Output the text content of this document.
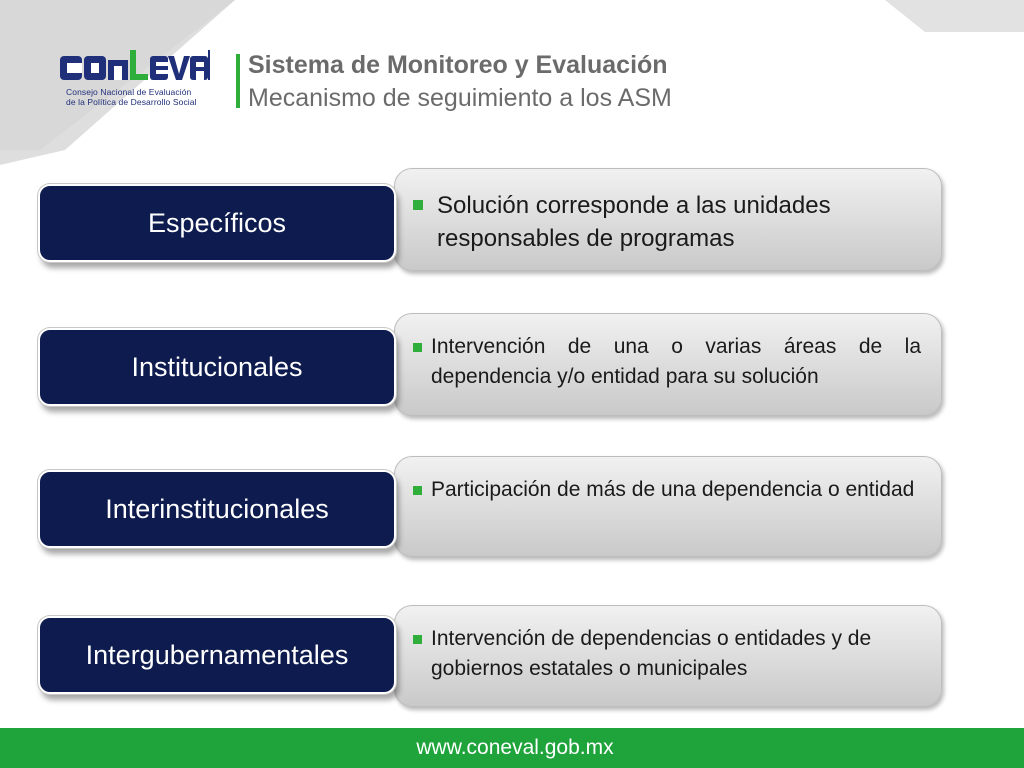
Consejo Nacional de Evaluación
de la Política de Desarrollo Social
Sistema de Monitoreo y Evaluación
Mecanismo de seguimiento a los ASM
Solución corresponde a las unidades responsables de programas
Específicos
Intervención de una o varias áreas de la dependencia y/o entidad para su solución
Institucionales
Participación de más de una dependencia o entidad
Interinstitucionales
Intervención de dependencias o entidades y de gobiernos estatales o municipales
Intergubernamentales
www.coneval.gob.mx
